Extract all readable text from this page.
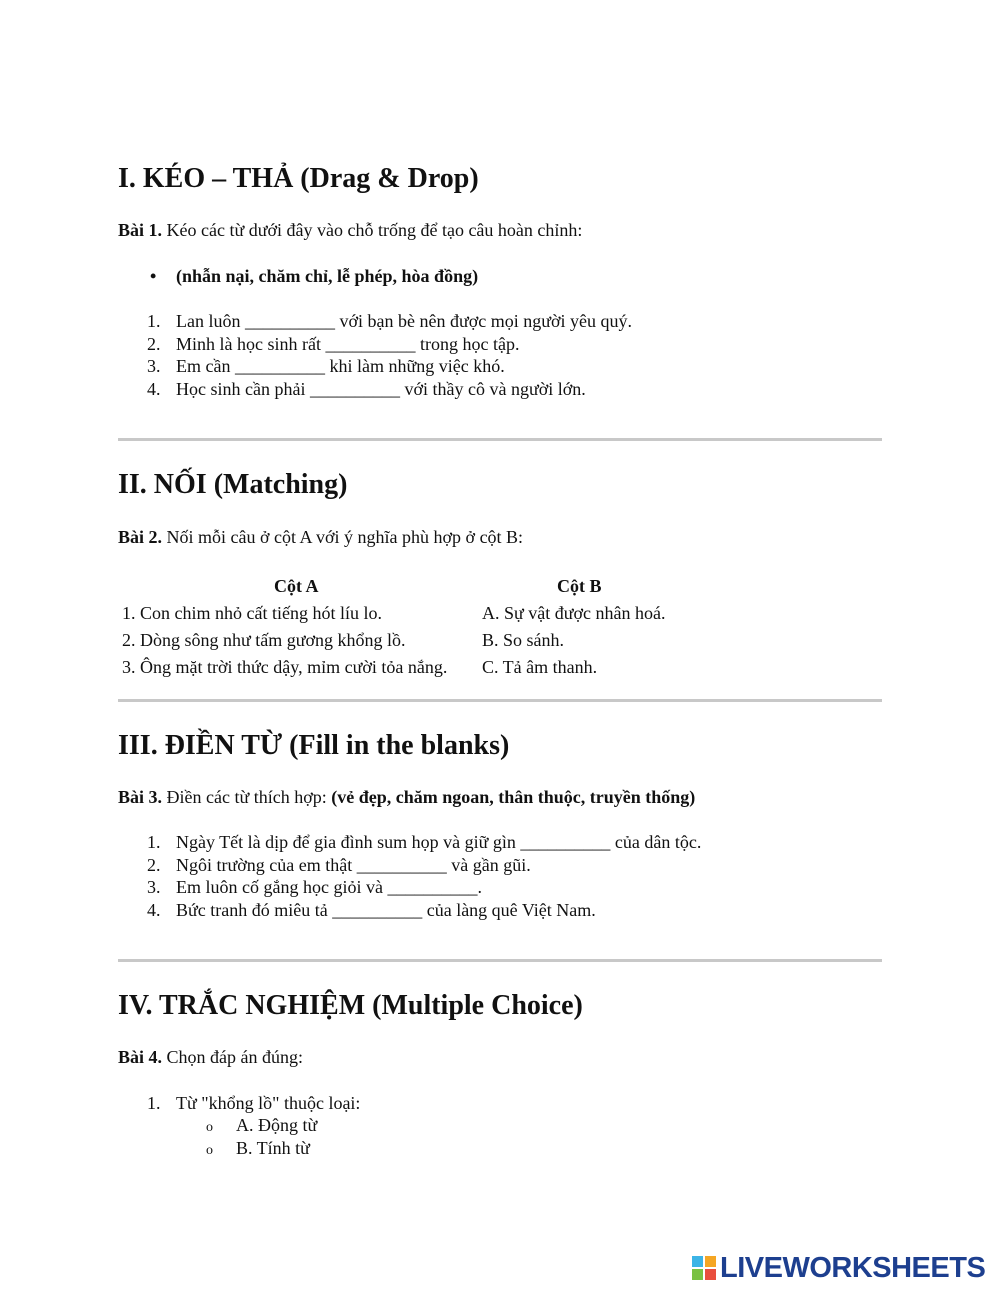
I. KÉO – THẢ (Drag & Drop)
Bài 1. Kéo các từ dưới đây vào chỗ trống để tạo câu hoàn chỉnh:
• (nhẫn nại, chăm chỉ, lễ phép, hòa đồng)
1. Lan luôn __________ với bạn bè nên được mọi người yêu quý.
2. Minh là học sinh rất __________ trong học tập.
3. Em cần __________ khi làm những việc khó.
4. Học sinh cần phải __________ với thầy cô và người lớn.
II. NỐI (Matching)
Bài 2. Nối mỗi câu ở cột A với ý nghĩa phù hợp ở cột B:
Cột A	Cột B
1. Con chim nhỏ cất tiếng hót líu lo.	A. Sự vật được nhân hoá.
2. Dòng sông như tấm gương khổng lồ.	B. So sánh.
3. Ông mặt trời thức dậy, mỉm cười tỏa nắng. C. Tả âm thanh.
III. ĐIỀN TỪ (Fill in the blanks)
Bài 3. Điền các từ thích hợp: (vẻ đẹp, chăm ngoan, thân thuộc, truyền thống)
1. Ngày Tết là dịp để gia đình sum họp và giữ gìn __________ của dân tộc.
2. Ngôi trường của em thật __________ và gần gũi.
3. Em luôn cố gắng học giỏi và __________.
4. Bức tranh đó miêu tả __________ của làng quê Việt Nam.
IV. TRẮC NGHIỆM (Multiple Choice)
Bài 4. Chọn đáp án đúng:
1. Từ "khổng lồ" thuộc loại:
o A. Động từ
o B. Tính từ
LIVEWORKSHEETS
